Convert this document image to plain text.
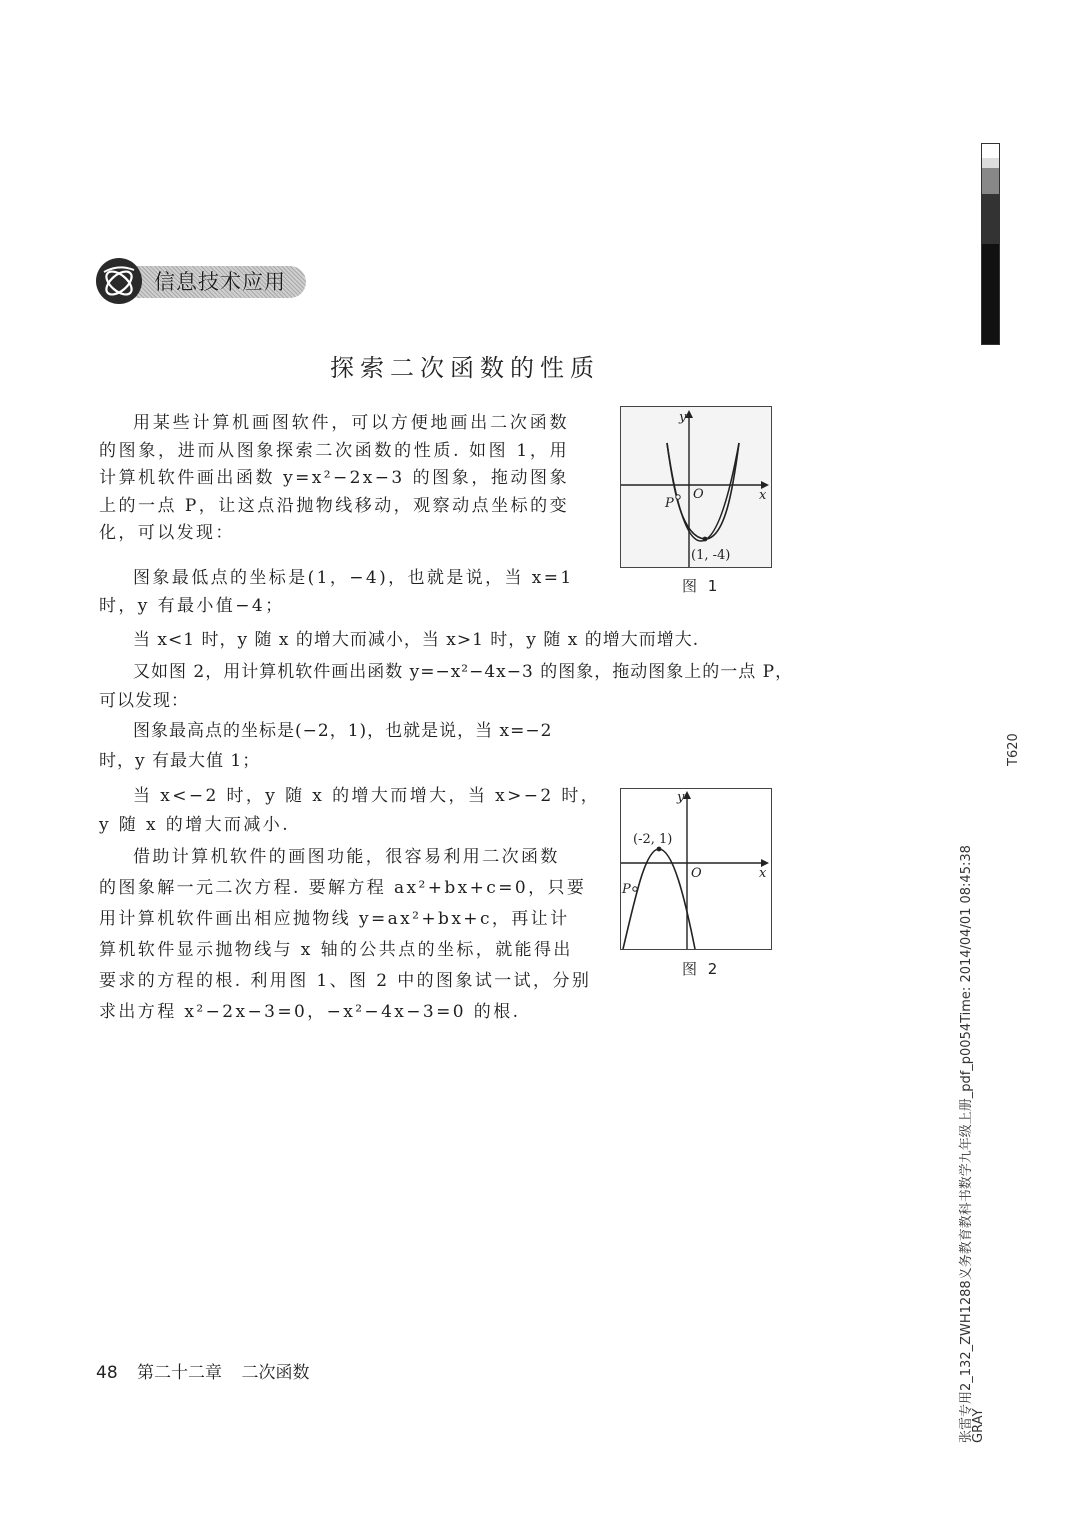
信息技术应用
探索二次函数的性质
用某些计算机画图软件，可以方便地画出二次函数的图象，进而从图象探索二次函数的性质. 如图 1，用计算机软件画出函数 y=x²−2x−3 的图象，拖动图象上的一点 P，让这点沿抛物线移动，观察动点坐标的变化，可以发现：
图象最低点的坐标是(1，−4)，也就是说，当 x=1
时，y 有最小值−4；
当 x<1 时，y 随 x 的增大而减小，当 x>1 时，y 随 x 的增大而增大.
又如图 2，用计算机软件画出函数 y=−x²−4x−3 的图象，拖动图象上的一点 P，
可以发现：
图象最高点的坐标是(−2，1)，也就是说，当 x=−2
时，y 有最大值 1；
当 x<−2 时，y 随 x 的增大而增大，当 x>−2 时，
y 随 x 的增大而减小.
借助计算机软件的画图功能，很容易利用二次函数
的图象解一元二次方程. 要解方程 ax²+bx+c=0，只要
用计算机软件画出相应抛物线 y=ax²+bx+c，再让计
算机软件显示抛物线与 x 轴的公共点的坐标，就能得出
要求的方程的根. 利用图 1、图 2 中的图象试一试，分别
求出方程 x²−2x−3=0，−x²−4x−3=0 的根.
y
x
O
P
(1, -4)
图 1
y
x
O
P
(-2, 1)
图 2
48 第二十二章 二次函数	张雷专用2_132_ZWH1288义务教育教科书数学九年级上册_pdf_p0054Time: 2014/04/01 08:45:38
GRAY
T620
